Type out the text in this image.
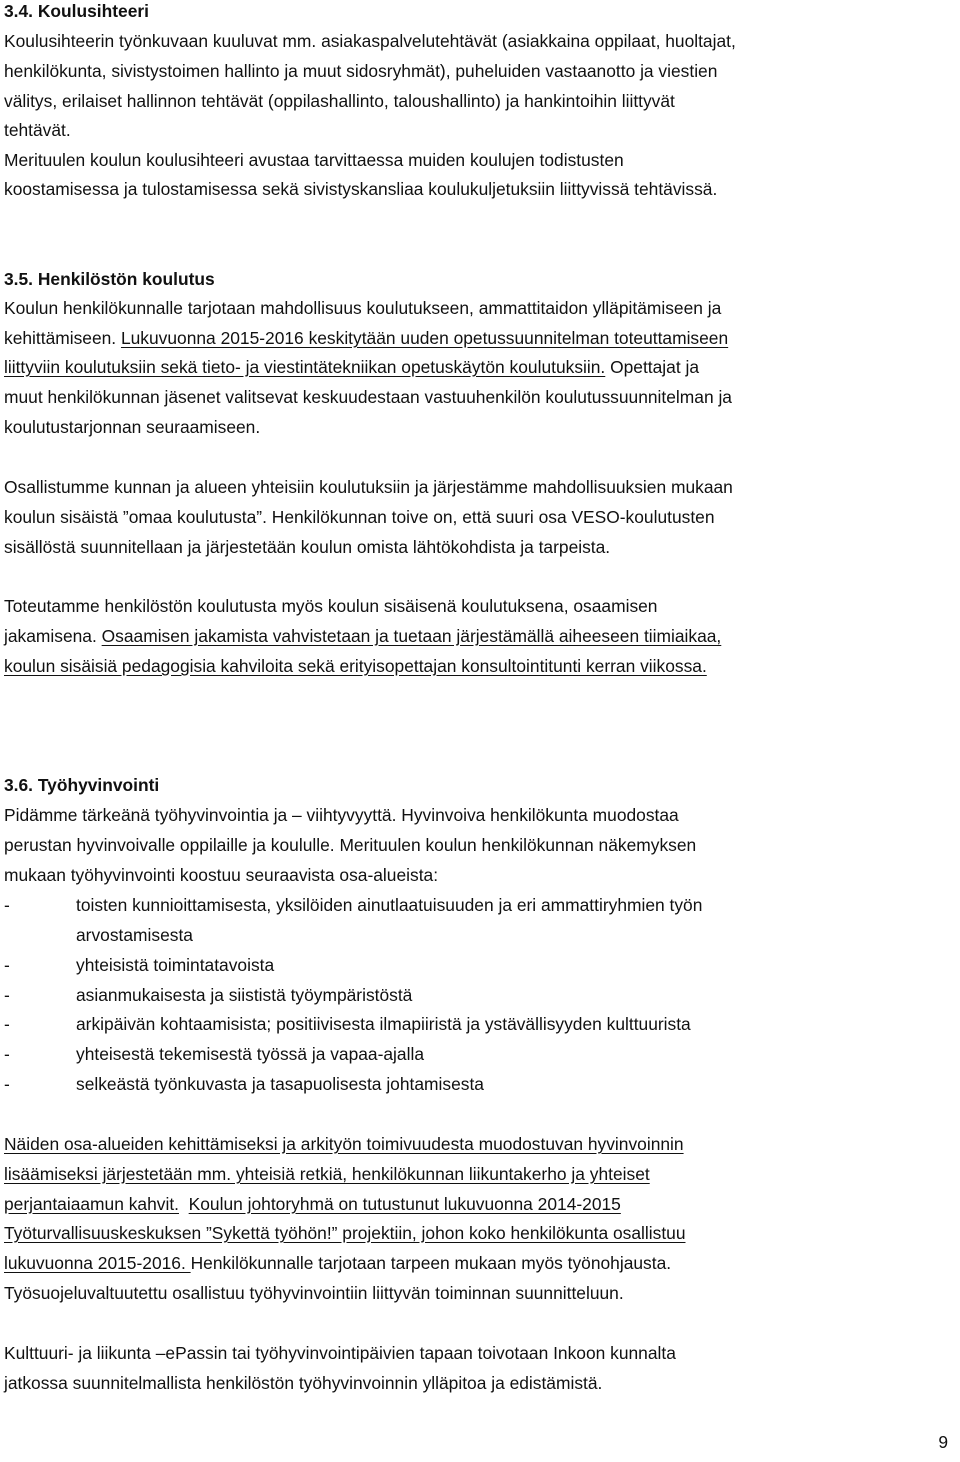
3.4. Koulusihteeri
Koulusihteerin työnkuvaan kuuluvat mm. asiakaspalvelutehtävät (asiakkaina oppilaat, huoltajat,
henkilökunta, sivistystoimen hallinto ja muut sidosryhmät), puheluiden vastaanotto ja viestien
välitys, erilaiset hallinnon tehtävät (oppilashallinto, taloushallinto) ja hankintoihin liittyvät
tehtävät.
Merituulen koulun koulusihteeri avustaa tarvittaessa muiden koulujen todistusten
koostamisessa ja tulostamisessa sekä sivistyskansliaa koulukuljetuksiin liittyvissä tehtävissä.
3.5. Henkilöstön koulutus
Koulun henkilökunnalle tarjotaan mahdollisuus koulutukseen, ammattitaidon ylläpitämiseen ja
kehittämiseen. Lukuvuonna 2015-2016 keskitytään uuden opetussuunnitelman toteuttamiseen
liittyviin koulutuksiin sekä tieto- ja viestintätekniikan opetuskäytön koulutuksiin. Opettajat ja
muut henkilökunnan jäsenet valitsevat keskuudestaan vastuuhenkilön koulutussuunnitelman ja
koulutustarjonnan seuraamiseen.
Osallistumme kunnan ja alueen yhteisiin koulutuksiin ja järjestämme mahdollisuuksien mukaan
koulun sisäistä ”omaa koulutusta”. Henkilökunnan toive on, että suuri osa VESO-koulutusten
sisällöstä suunnitellaan ja järjestetään koulun omista lähtökohdista ja tarpeista.
Toteutamme henkilöstön koulutusta myös koulun sisäisenä koulutuksena, osaamisen
jakamisena. Osaamisen jakamista vahvistetaan ja tuetaan järjestämällä aiheeseen tiimiaikaa,
koulun sisäisiä pedagogisia kahviloita sekä erityisopettajan konsultointitunti kerran viikossa.
3.6. Työhyvinvointi
Pidämme tärkeänä työhyvinvointia ja – viihtyvyyttä. Hyvinvoiva henkilökunta muodostaa
perustan hyvinvoivalle oppilaille ja koululle. Merituulen koulun henkilökunnan näkemyksen
mukaan työhyvinvointi koostuu seuraavista osa-alueista:
-	toisten kunnioittamisesta, yksilöiden ainutlaatuisuuden ja eri ammattiryhmien työn
arvostamisesta
-	yhteisistä toimintatavoista
-	asianmukaisesta ja siististä työympäristöstä
-	arkipäivän kohtaamisista; positiivisesta ilmapiiristä ja ystävällisyyden kulttuurista
-	yhteisestä tekemisestä työssä ja vapaa-ajalla
-	selkeästä työnkuvasta ja tasapuolisesta johtamisesta
Näiden osa-alueiden kehittämiseksi ja arkityön toimivuudesta muodostuvan hyvinvoinnin
lisäämiseksi järjestetään mm. yhteisiä retkiä, henkilökunnan liikuntakerho ja yhteiset
perjantaiaamun kahvit. Koulun johtoryhmä on tutustunut lukuvuonna 2014-2015
Työturvallisuuskeskuksen ”Sykettä työhön!” projektiin, johon koko henkilökunta osallistuu
lukuvuonna 2015-2016. Henkilökunnalle tarjotaan tarpeen mukaan myös työnohjausta.
Työsuojeluvaltuutettu osallistuu työhyvinvointiin liittyvän toiminnan suunnitteluun.
Kulttuuri- ja liikunta –ePassin tai työhyvinvointipäivien tapaan toivotaan Inkoon kunnalta
jatkossa suunnitelmallista henkilöstön työhyvinvoinnin ylläpitoa ja edistämistä.
9
